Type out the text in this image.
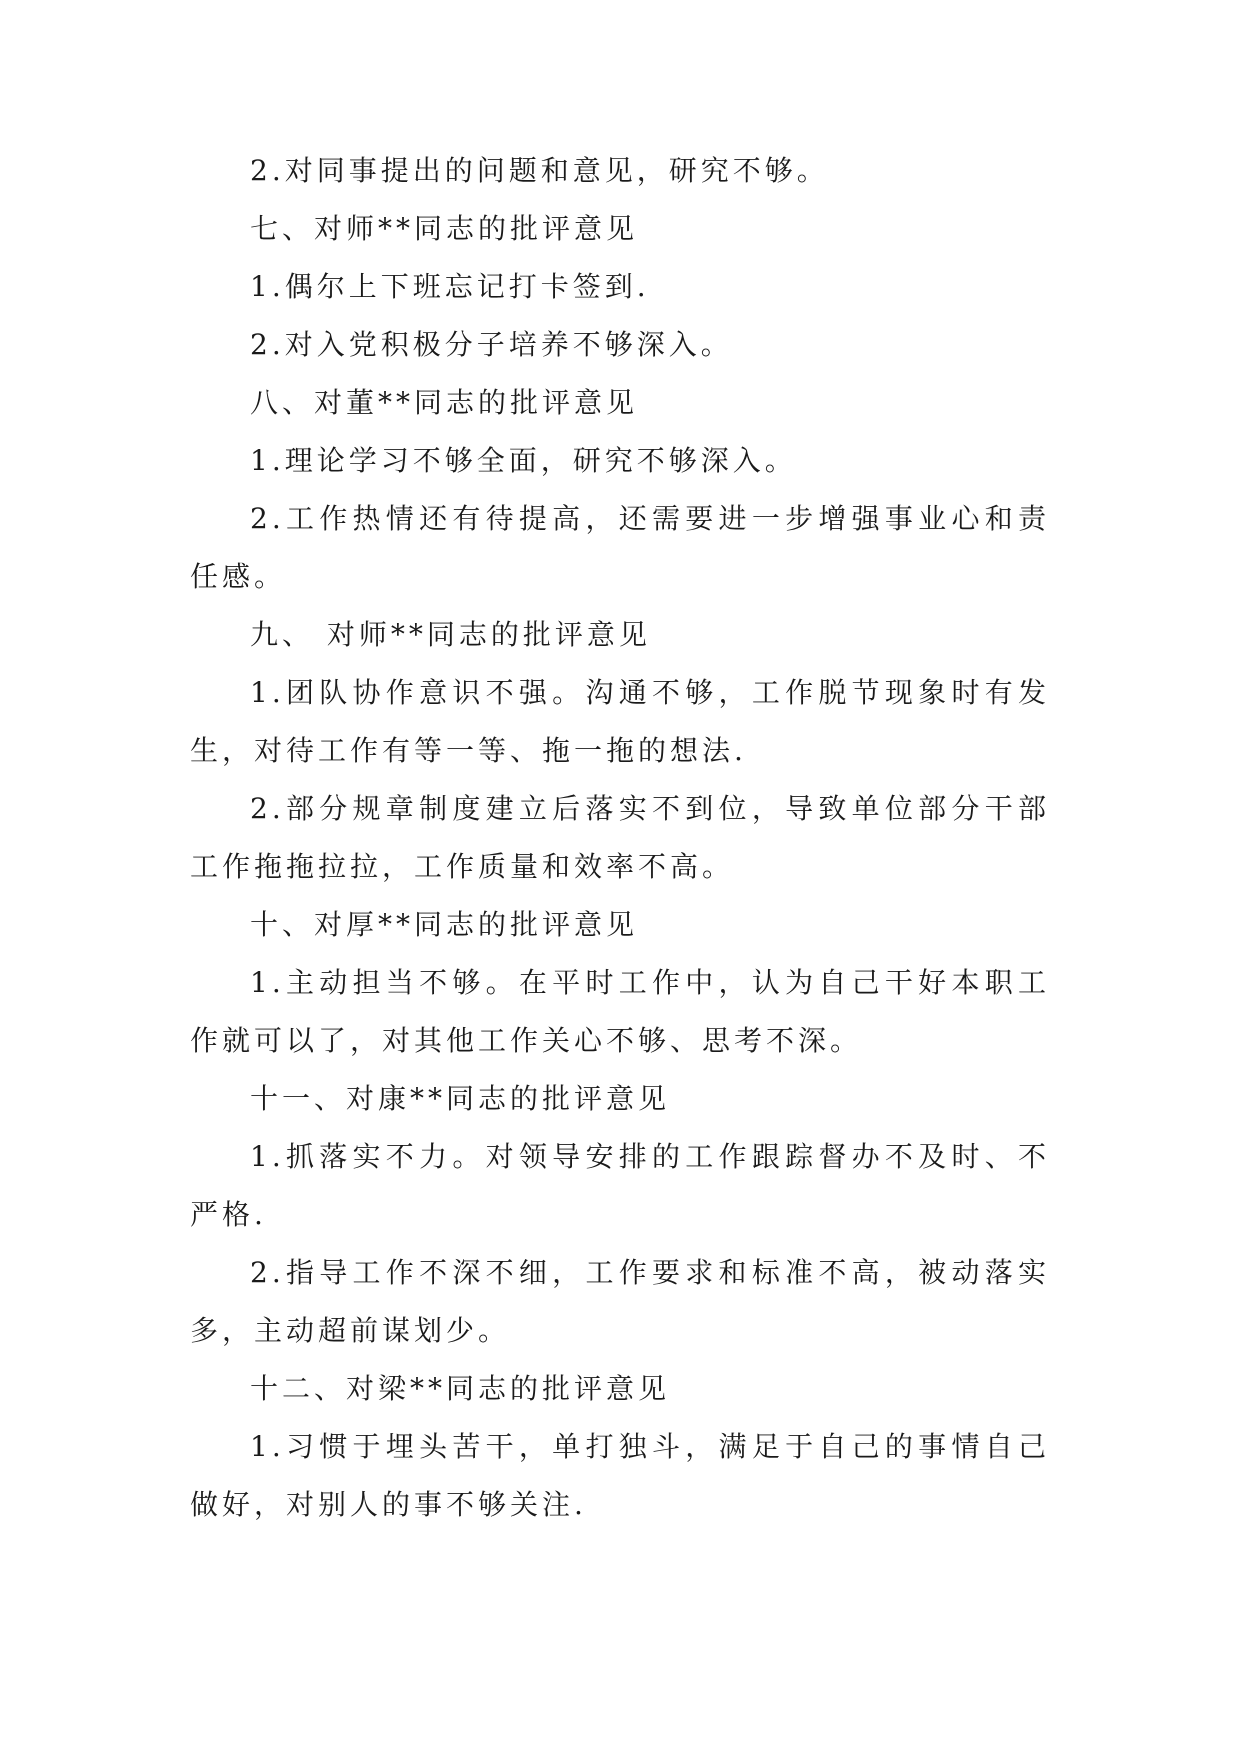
2.对同事提出的问题和意见，研究不够。

七、对师**同志的批评意见

1.偶尔上下班忘记打卡签到.

2.对入党积极分子培养不够深入。

八、对董**同志的批评意见

1.理论学习不够全面，研究不够深入。

2.工作热情还有待提高，还需要进一步增强事业心和责任感。

九、 对师**同志的批评意见

1.团队协作意识不强。沟通不够，工作脱节现象时有发生，对待工作有等一等、拖一拖的想法.

2.部分规章制度建立后落实不到位，导致单位部分干部工作拖拖拉拉，工作质量和效率不高。

十、对厚**同志的批评意见

1.主动担当不够。在平时工作中，认为自己干好本职工作就可以了，对其他工作关心不够、思考不深。

十一、对康**同志的批评意见

1.抓落实不力。对领导安排的工作跟踪督办不及时、不严格.

2.指导工作不深不细，工作要求和标准不高，被动落实多，主动超前谋划少。

十二、对梁**同志的批评意见

1.习惯于埋头苦干，单打独斗，满足于自己的事情自己做好，对别人的事不够关注.
